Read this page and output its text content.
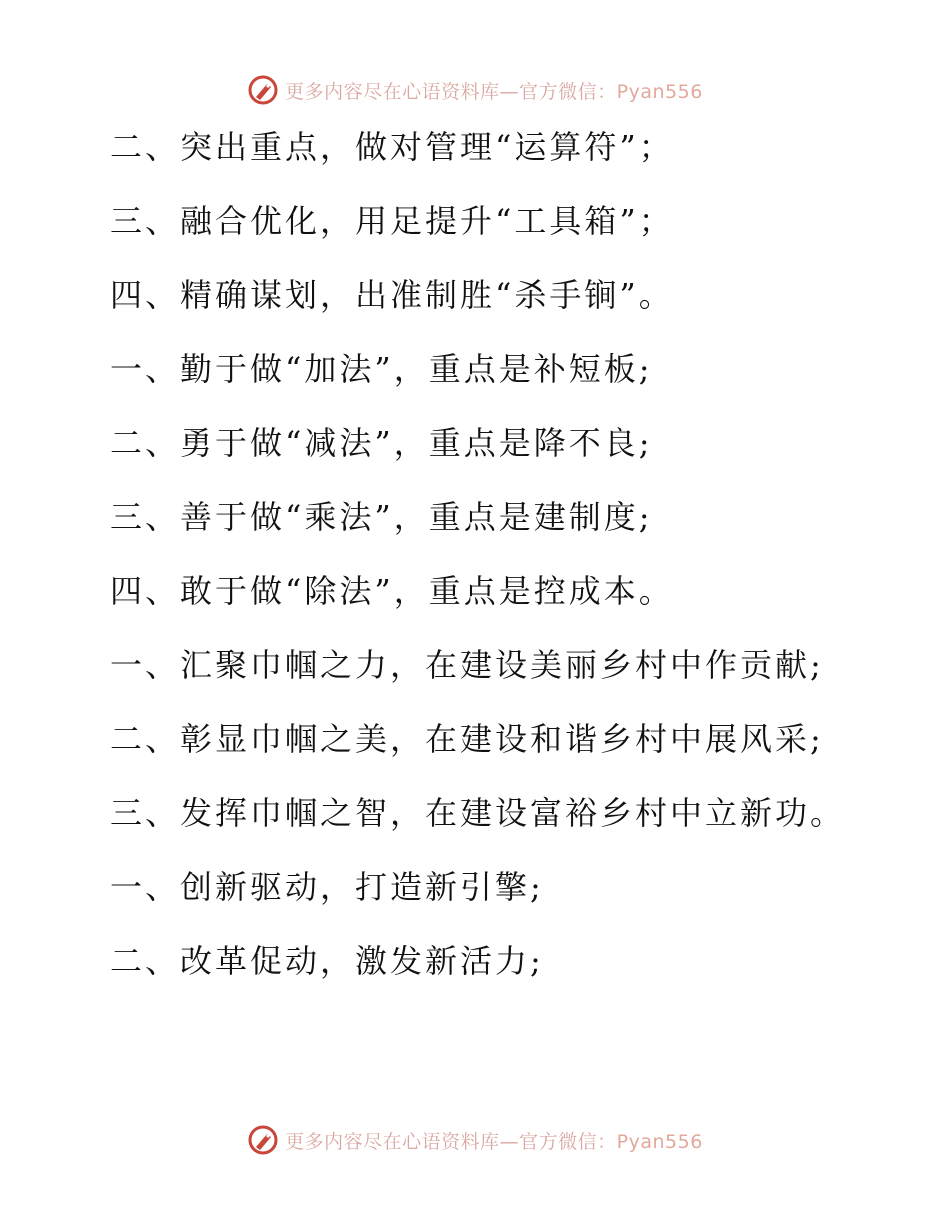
更多内容尽在心语资料库—官方微信：Pyan556
二、突出重点，做对管理“运算符”；
三、融合优化，用足提升“工具箱”；
四、精确谋划，出准制胜“杀手锏”。
一、勤于做“加法”，重点是补短板;
二、勇于做“减法”，重点是降不良;
三、善于做“乘法”，重点是建制度;
四、敢于做“除法”，重点是控成本。
一、汇聚巾帼之力，在建设美丽乡村中作贡献;
二、彰显巾帼之美，在建设和谐乡村中展风采;
三、发挥巾帼之智，在建设富裕乡村中立新功。
一、创新驱动，打造新引擎;
二、改革促动，激发新活力;
更多内容尽在心语资料库—官方微信：Pyan556
